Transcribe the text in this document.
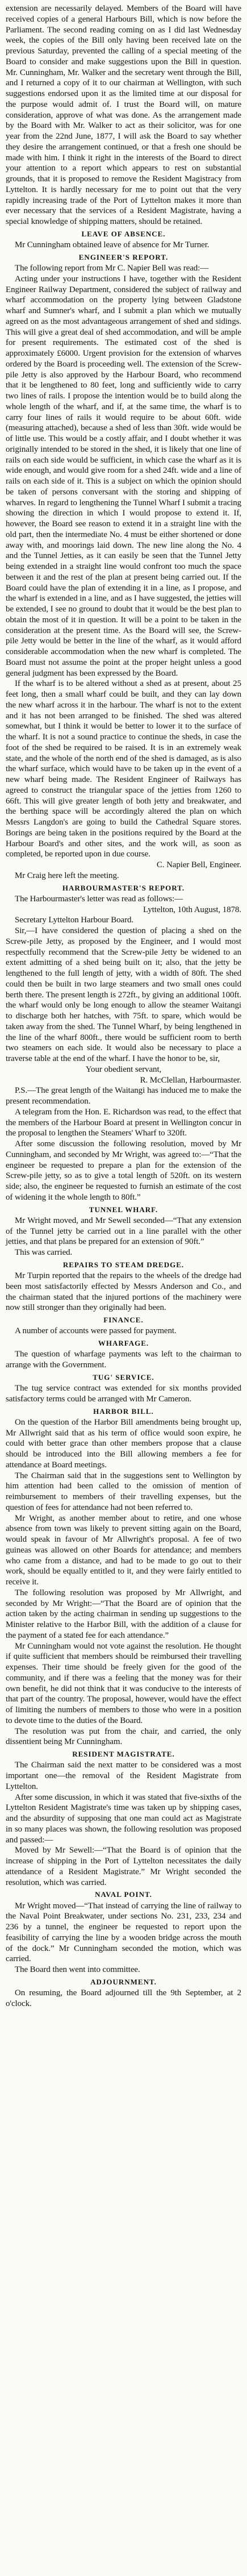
extension are necessarily delayed. Members of the Board will have received copies of a general Harbours Bill, which is now before the Parliament. The second reading coming on as I did last Wednesday week, the copies of the Bill only having been received late on the previous Saturday, prevented the calling of a special meeting of the Board to consider and make suggestions upon the Bill in question. Mr. Cunningham, Mr. Walker and the secretary went through the Bill, and I returned a copy of it to our chairman at Wellington, with such suggestions endorsed upon it as the limited time at our disposal for the purpose would admit of. I trust the Board will, on mature consideration, approve of what was done. As the arrangement made by the Board with Mr. Walker to act as their solicitor, was for one year from the 22nd June, 1877, I will ask the Board to say whether they desire the arrangement continued, or that a fresh one should be made with him. I think it right in the interests of the Board to direct your attention to a report which appears to rest on substantial grounds, that it is proposed to remove the Resident Magistracy from Lyttelton. It is hardly necessary for me to point out that the very rapidly increasing trade of the Port of Lyttelton makes it more than ever necessary that the services of a Resident Magistrate, having a special knowledge of shipping matters, should be retained.

LEAVE OF ABSENCE.

Mr Cunningham obtained leave of absence for Mr Turner.

ENGINEER'S REPORT.

The following report from Mr C. Napier Bell was read:—

Acting under your instructions I have, together with the Resident Engineer Railway Department, considered the subject of railway and wharf accommodation on the property lying between Gladstone wharf and Sumner's wharf, and I submit a plan which we mutually agreed on as the most advantageous arrangement of shed and sidings. This will give a great deal of shed accommodation, and will be ample for present requirements. The estimated cost of the shed is approximately £6000. Urgent provision for the extension of wharves ordered by the Board is proceeding well. The extension of the Screw-pile Jetty is also approved by the Harbour Board, who recommend that it be lengthened to 80 feet, long and sufficiently wide to carry two lines of rails. I propose the intention would be to build along the whole length of the wharf, and if, at the same time, the wharf is to carry four lines of rails it would require to be about 60ft. wide (measuring attached), because a shed of less than 30ft. wide would be of little use. This would be a costly affair, and I doubt whether it was originally intended to be stored in the shed, it is likely that one line of rails on each side would be sufficient, in which case the wharf as it is wide enough, and would give room for a shed 24ft. wide and a line of rails on each side of it. This is a subject on which the opinion should be taken of persons conversant with the storing and shipping of wharves. In regard to lengthening the Tunnel Wharf I submit a tracing showing the direction in which I would propose to extend it. If, however, the Board see reason to extend it in a straight line with the old part, then the intermediate No. 4 must be either shortened or done away with, and moorings laid down. The new line along the No. 4 and the Tunnel Jetties, as it can easily be seen that the Tunnel Jetty being extended in a straight line would confront too much the space between it and the rest of the plan at present being carried out. If the Board could have the plan of extending it in a line, as I propose, and the wharf is extended in a line, and as I have suggested, the jetties will be extended, I see no ground to doubt that it would be the best plan to obtain the most of it in question. It will be a point to be taken in the consideration at the present time. As the Board will see, the Screw-pile Jetty would be better in the line of the wharf, as it would afford considerable accommodation when the new wharf is completed. The Board must not assume the point at the proper height unless a good general judgment has been expressed by the Board.

If the wharf is to be altered without a shed as at present, about 25 feet long, then a small wharf could be built, and they can lay down the new wharf across it in the harbour. The wharf is not to the extent and it has not been arranged to be finished. The shed was altered somewhat, but I think it would be better to lower it to the surface of the wharf. It is not a sound practice to continue the sheds, in case the foot of the shed be required to be raised. It is in an extremely weak state, and the whole of the north end of the shed is damaged, as is also the wharf surface, which would have to be taken up in the event of a new wharf being made. The Resident Engineer of Railways has agreed to construct the triangular space of the jetties from 1260 to 66ft. This will give greater length of both jetty and breakwater, and the berthing space will be accordingly altered the plan on which Messrs Langdon's are going to build the Cathedral Square stores. Borings are being taken in the positions required by the Board at the Harbour Board's and other sites, and the work will, as soon as completed, be reported upon in due course.

C. Napier Bell, Engineer.

Mr Craig here left the meeting.

HARBOURMASTER'S REPORT.

The Harbourmaster's letter was read as follows:—

Lyttelton, 10th August, 1878.

Secretary Lyttelton Harbour Board.

Sir,—I have considered the question of placing a shed on the Screw-pile Jetty, as proposed by the Engineer, and I would most respectfully recommend that the Screw-pile Jetty be widened to an extent admitting of a shed being built on it; also, that the jetty be lengthened to the full length of jetty, with a width of 80ft. The shed could then be built in two large steamers and two small ones could berth there. The present length is 272ft., by giving an additional 100ft. the wharf would only be long enough to allow the steamer Waitangi to discharge both her hatches, with 75ft. to spare, which would be taken away from the shed. The Tunnel Wharf, by being lengthened in the line of the wharf 800ft., there would be sufficient room to berth two steamers on each side. It would also be necessary to place a traverse table at the end of the wharf. I have the honor to be, sir,

Your obedient servant,

R. McClellan, Harbourmaster.

P.S.—The great length of the Waitangi has induced me to make the present recommendation.

A telegram from the Hon. E. Richardson was read, to the effect that the members of the Harbour Board at present in Wellington concur in the proposal to lengthen the Steamers' Wharf to 320ft.

After some discussion the following resolution, moved by Mr Cunningham, and seconded by Mr Wright, was agreed to:—“That the engineer be requested to prepare a plan for the extension of the Screw-pile jetty, so as to give a total length of 520ft. on its western side; also, the engineer be requested to furnish an estimate of the cost of widening it the whole length to 80ft.”

TUNNEL WHARF.

Mr Wright moved, and Mr Sewell seconded—“That any extension of the Tunnel jetty be carried out in a line parallel with the other jetties, and that plans be prepared for an extension of 90ft.”

This was carried.

REPAIRS TO STEAM DREDGE.

Mr Turpin reported that the repairs to the wheels of the dredge had been most satisfactorily effected by Messrs Anderson and Co., and the chairman stated that the injured portions of the machinery were now still stronger than they originally had been.

FINANCE.

A number of accounts were passed for payment.

WHARFAGE.

The question of wharfage payments was left to the chairman to arrange with the Government.

TUG' SERVICE.

The tug service contract was extended for six months provided satisfactory terms could be arranged with Mr Cameron.

HARBOR BILL.

On the question of the Harbor Bill amendments being brought up, Mr Allwright said that as his term of office would soon expire, he could with better grace than other members propose that a clause should be introduced into the Bill allowing members a fee for attendance at Board meetings.

The Chairman said that in the suggestions sent to Wellington by him attention had been called to the omission of mention of reimbursement to members of their travelling expenses, but the question of fees for attendance had not been referred to.

Mr Wright, as another member about to retire, and one whose absence from town was likely to prevent sitting again on the Board, would speak in favour of Mr Allwright's proposal. A fee of two guineas was allowed on other Boards for attendance; and members who came from a distance, and had to be made to go out to their work, should be equally entitled to it, and they were fairly entitled to receive it.

The following resolution was proposed by Mr Allwright, and seconded by Mr Wright:—“That the Board are of opinion that the action taken by the acting chairman in sending up suggestions to the Minister relative to the Harbor Bill, with the addition of a clause for the payment of a stated fee for each attendance.”

Mr Cunningham would not vote against the resolution. He thought if quite sufficient that members should be reimbursed their travelling expenses. Their time should be freely given for the good of the community, and if there was a feeling that the money was for their own benefit, he did not think that it was conducive to the interests of that part of the country. The proposal, however, would have the effect of limiting the numbers of members to those who were in a position to devote time to the duties of the Board.

The resolution was put from the chair, and carried, the only dissentient being Mr Cunningham.

RESIDENT MAGISTRATE.

The Chairman said the next matter to be considered was a most important one—the removal of the Resident Magistrate from Lyttelton.

After some discussion, in which it was stated that five-sixths of the Lyttelton Resident Magistrate's time was taken up by shipping cases, and the absurdity of supposing that one man could act as Magistrate in so many places was shown, the following resolution was proposed and passed:—

Moved by Mr Sewell:—“That the Board is of opinion that the increase of shipping in the Port of Lyttelton necessitates the daily attendance of a Resident Magistrate.” Mr Wright seconded the resolution, which was carried.

NAVAL POINT.

Mr Wright moved—“That instead of carrying the line of railway to the Naval Point Breakwater, under sections No. 231, 233, 234 and 236 by a tunnel, the engineer be requested to report upon the feasibility of carrying the line by a wooden bridge across the mouth of the dock.” Mr Cunningham seconded the motion, which was carried.

The Board then went into committee.

ADJOURNMENT.

On resuming, the Board adjourned till the 9th September, at 2 o'clock.
